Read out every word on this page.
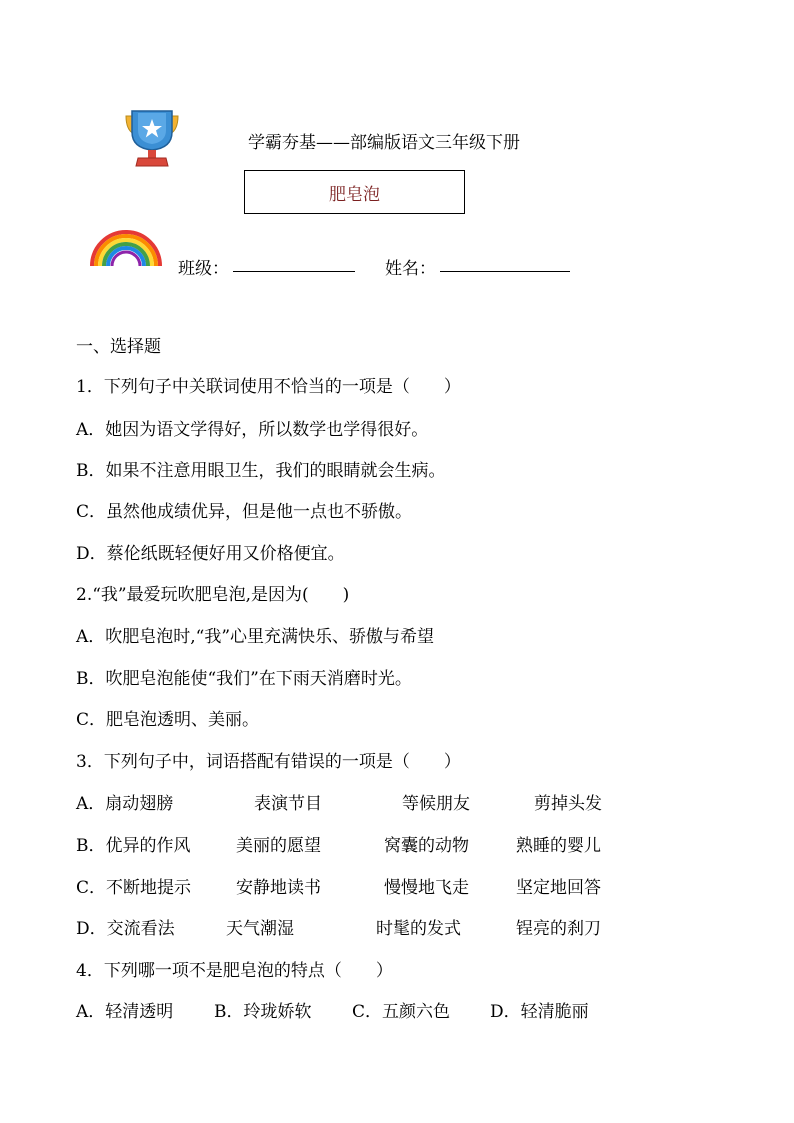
学霸夯基——部编版语文三年级下册
肥皂泡
班级：	姓名：
一、选择题
1．下列句子中关联词使用不恰当的一项是（　　）
A．她因为语文学得好，所以数学也学得很好。
B．如果不注意用眼卫生，我们的眼睛就会生病。
C．虽然他成绩优异，但是他一点也不骄傲。
D．蔡伦纸既轻便好用又价格便宜。
2.“我”最爱玩吹肥皂泡,是因为(　　)
A．吹肥皂泡时,“我”心里充满快乐、骄傲与希望
B．吹肥皂泡能使“我们”在下雨天消磨时光。
C．肥皂泡透明、美丽。
3．下列句子中，词语搭配有错误的一项是（　　）
A．扇动翅膀	表演节目	等候朋友	剪掉头发
B．优异的作风	美丽的愿望	窝囊的动物	熟睡的婴儿
C．不断地提示	安静地读书	慢慢地飞走	坚定地回答
D．交流看法	天气潮湿	时髦的发式	锃亮的刹刀
4．下列哪一项不是肥皂泡的特点（　　）
A．轻清透明 B．玲珑娇软 C．五颜六色 D．轻清脆丽
